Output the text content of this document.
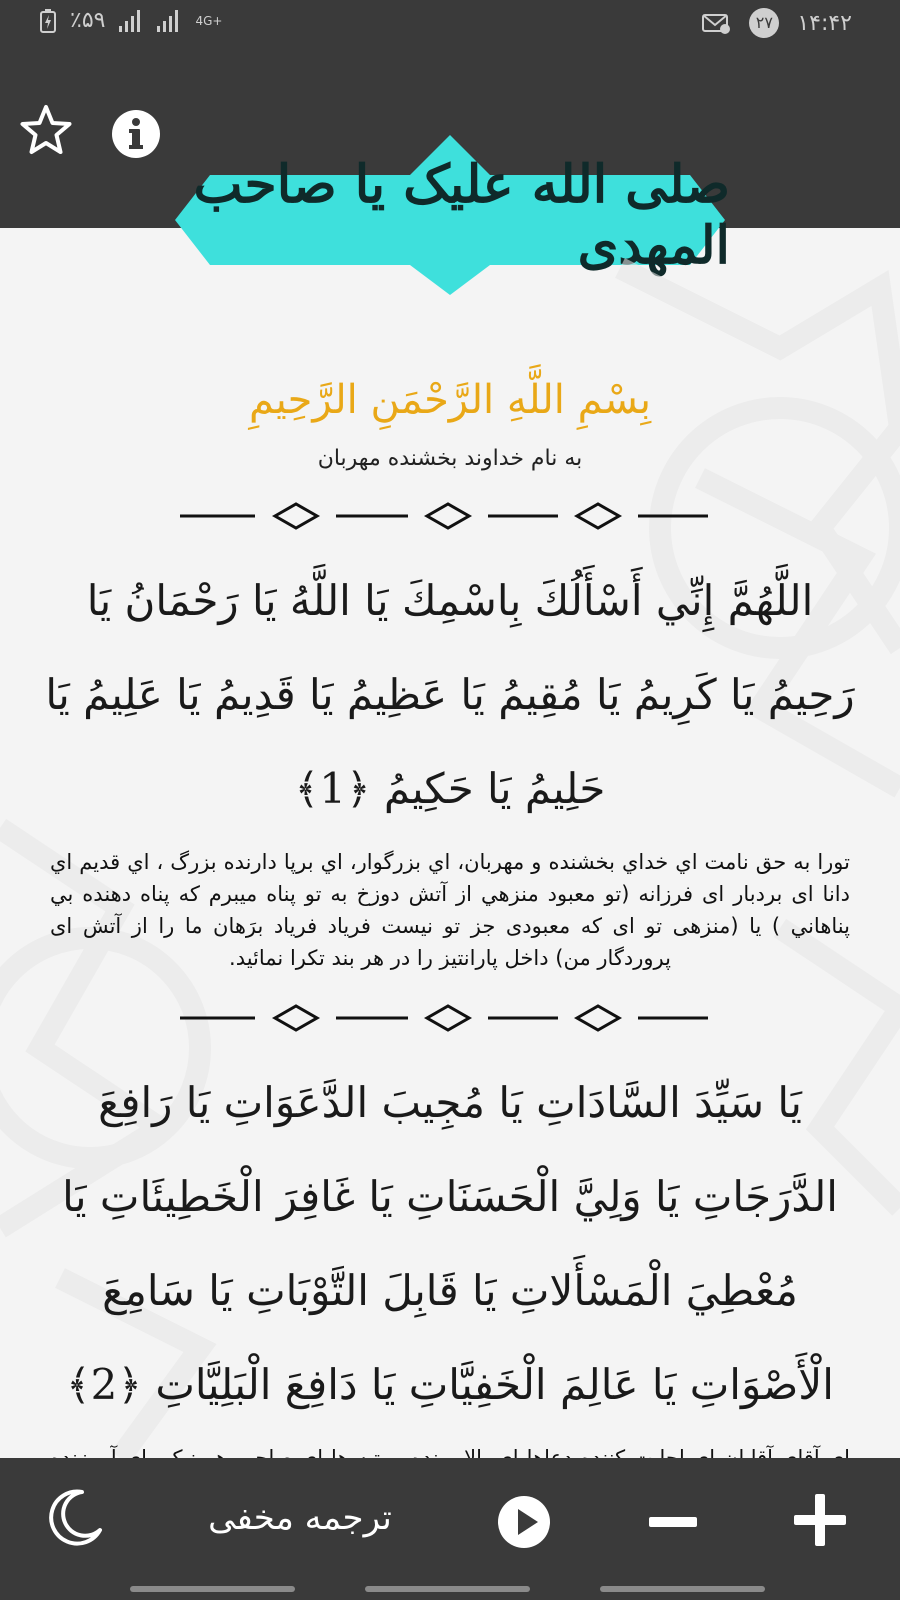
٪۵۹	4G+	۲۷ ۱۴:۴۲
صلی الله علیک یا صاحب المهدی
بِسْمِ اللَّهِ الرَّحْمَنِ الرَّحِيمِ
به نام خداوند بخشنده مهربان
اللَّهُمَّ إِنِّي أَسْأَلُكَ بِاسْمِكَ يَا اللَّهُ يَا رَحْمَانُ يَا رَحِيمُ يَا كَرِيمُ يَا مُقِيمُ يَا عَظِيمُ يَا قَدِيمُ يَا عَلِيمُ يَا حَلِيمُ يَا حَكِيمُ ﴿1﴾
تورا به حق نامت اي خداي بخشنده و مهربان، اي بزرگوار، اي برپا دارنده بزرگ ، اي قديم اي دانا ای بردبار ای فرزانه (تو معبود منزهي از آتش دوزخ به تو پناه ميبرم که پناه دهنده بي پناهاني ) يا (منزهی تو ای که معبودی جز تو نيست فرياد فرياد برَهان ما را از آتش ای پروردگار من) داخل پارانتيز را در هر بند تکرا نمائيد.
يَا سَيِّدَ السَّادَاتِ يَا مُجِيبَ الدَّعَوَاتِ يَا رَافِعَ الدَّرَجَاتِ يَا وَلِيَّ الْحَسَنَاتِ يَا غَافِرَ الْخَطِيئَاتِ يَا مُعْطِيَ الْمَسْأَلاتِ يَا قَابِلَ التَّوْبَاتِ يَا سَامِعَ الْأَصْوَاتِ يَا عَالِمَ الْخَفِيَّاتِ يَا دَافِعَ الْبَلِيَّاتِ ﴿2﴾
ترجمه مخفی
